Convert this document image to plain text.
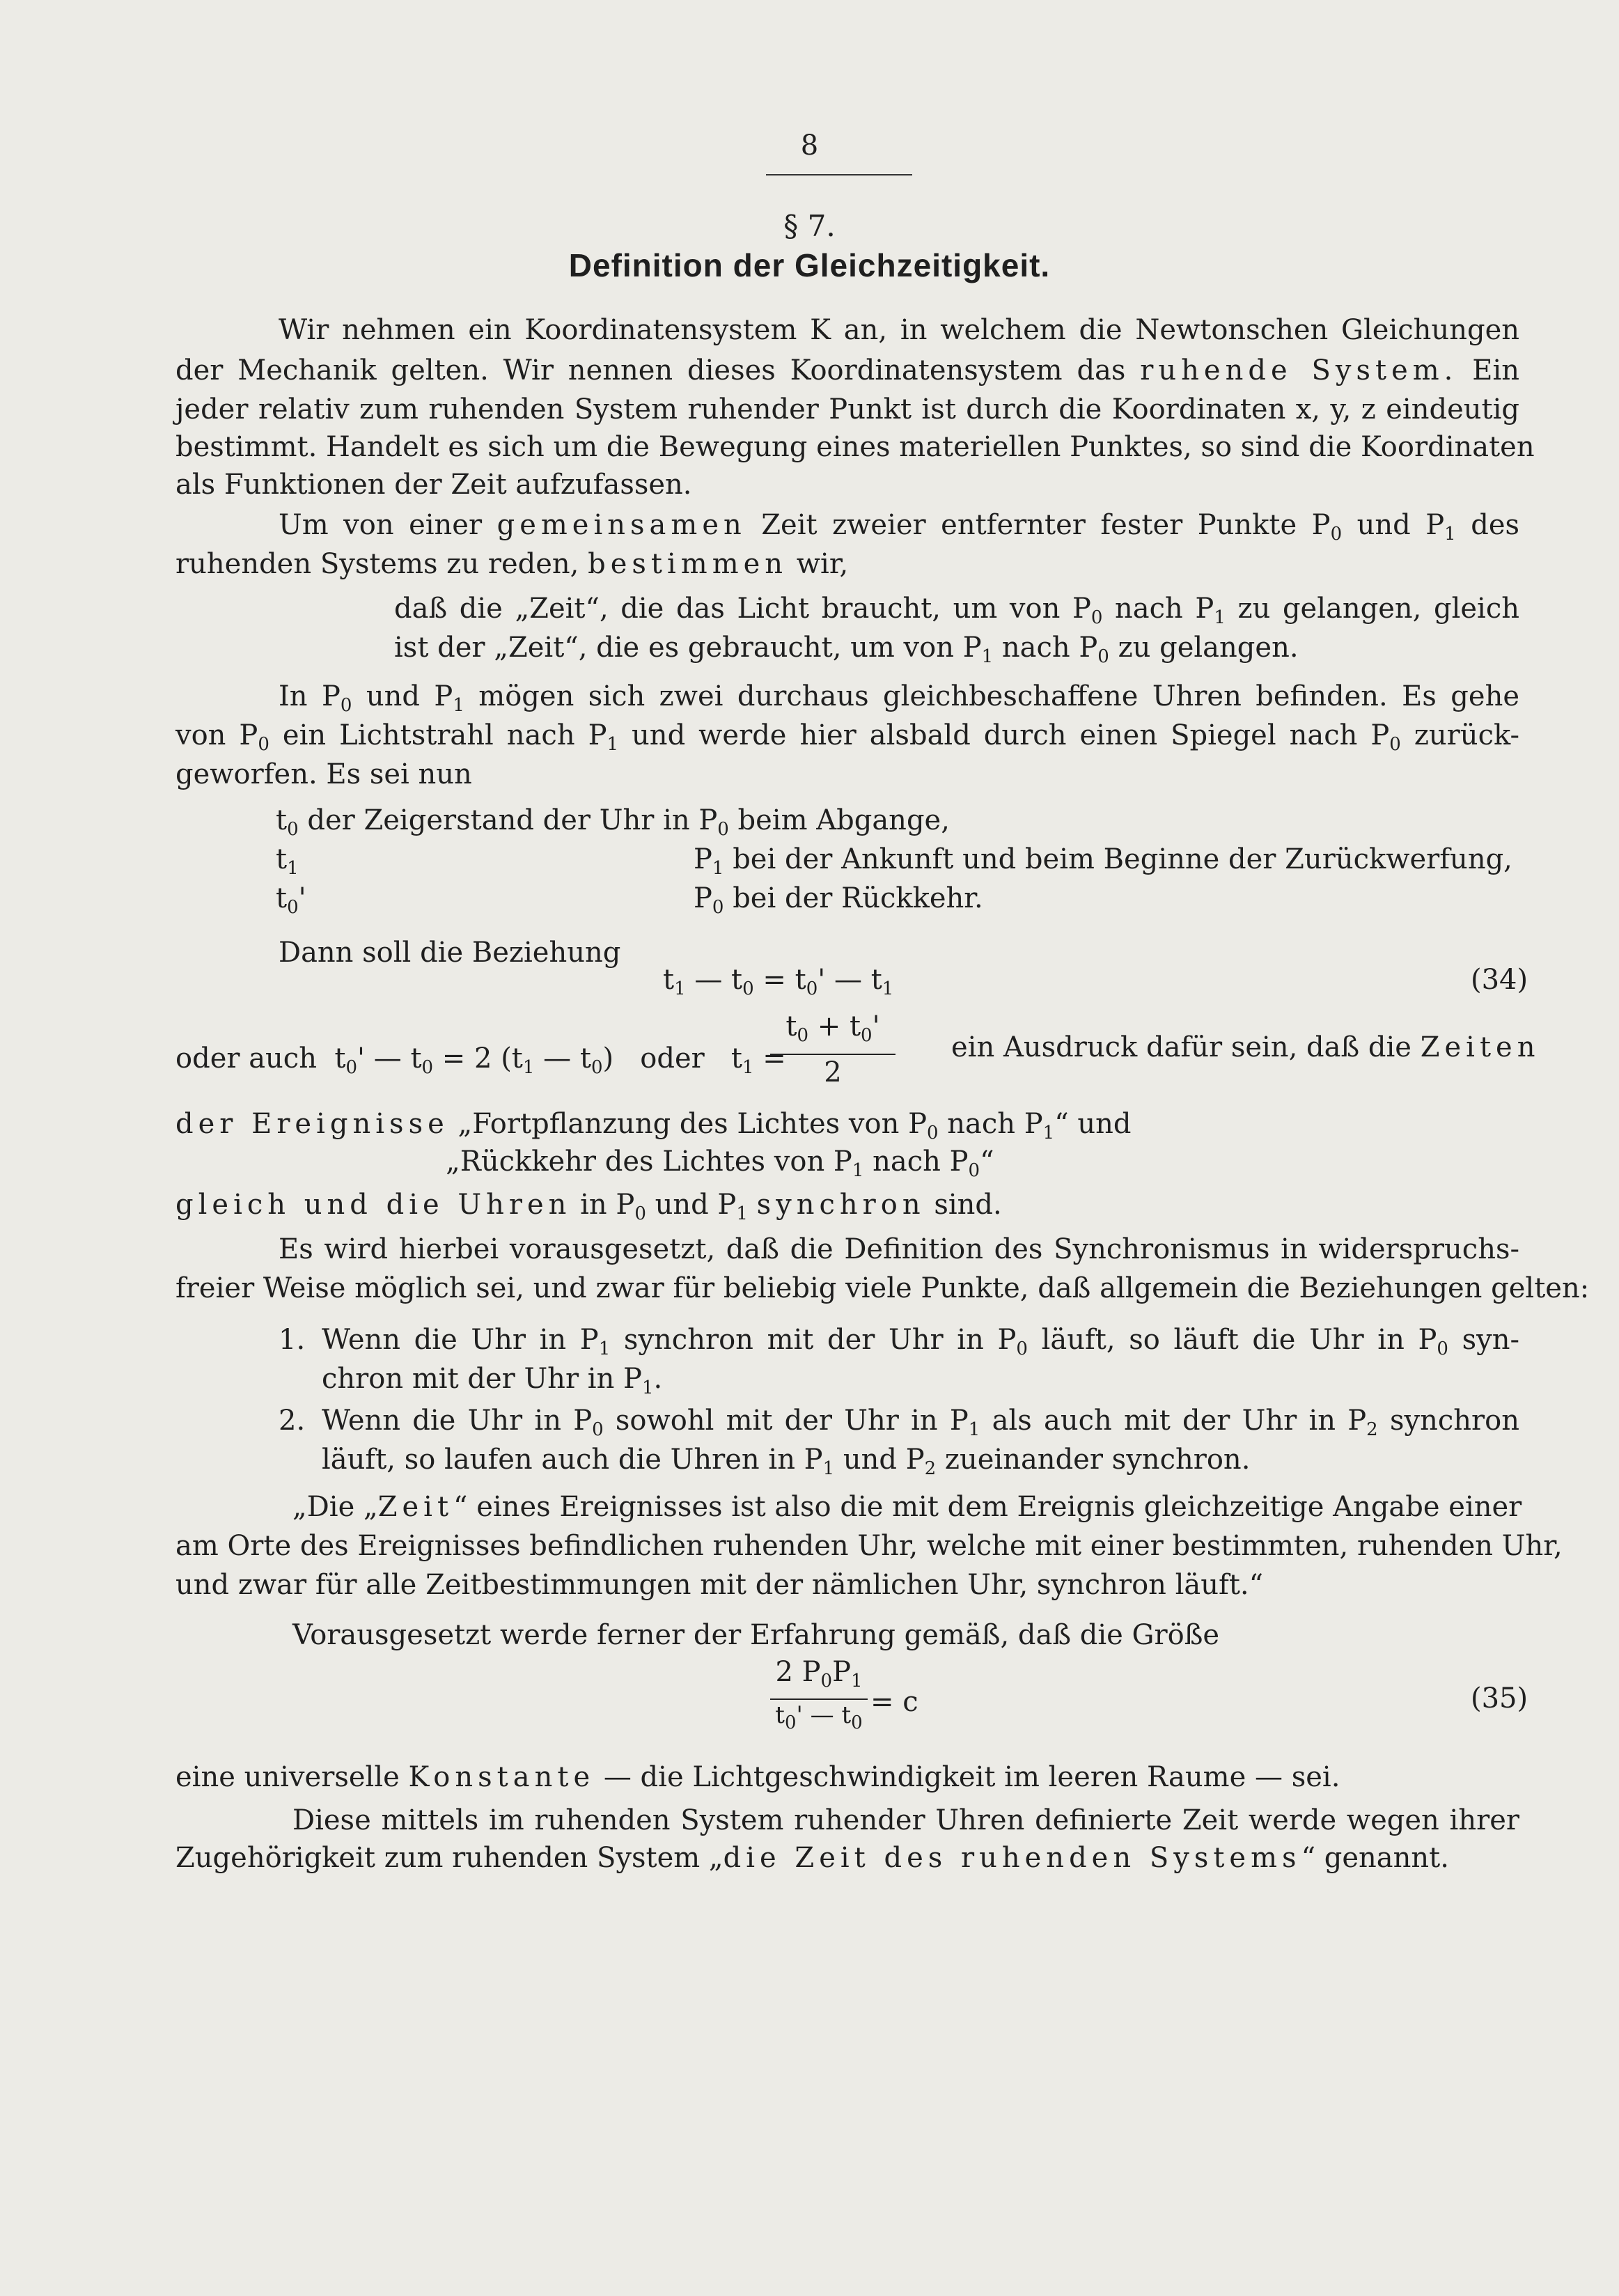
8
§ 7.
Definition der Gleichzeitigkeit.
Wir nehmen ein Koordinatensystem K an, in welchem die Newtonschen Gleichungen
der Mechanik gelten. Wir nennen dieses Koordinatensystem das ruhende System. Ein
jeder relativ zum ruhenden System ruhender Punkt ist durch die Koordinaten x, y, z eindeutig
bestimmt. Handelt es sich um die Bewegung eines materiellen Punktes, so sind die Koordinaten
als Funktionen der Zeit aufzufassen.
Um von einer gemeinsamen Zeit zweier entfernter fester Punkte $P_0$ und $P_1$ des
ruhenden Systems zu reden, bestimmen wir,
daß die „Zeit“, die das Licht braucht, um von $P_0$ nach $P_1$ zu gelangen, gleich
ist der „Zeit“, die es gebraucht, um von $P_1$ nach $P_0$ zu gelangen.
In $P_0$ und $P_1$ mögen sich zwei durchaus gleichbeschaffene Uhren befinden. Es gehe
von $P_0$ ein Lichtstrahl nach $P_1$ und werde hier alsbald durch einen Spiegel nach $P_0$ zurück-
geworfen. Es sei nun
$t_0$ der Zeigerstand der Uhr in $P_0$ beim Abgange,
$t_1$	$P_1$ bei der Ankunft und beim Beginne der Zurückwerfung,
$t_0'$	$P_0$ bei der Rückkehr.
Dann soll die Beziehung
$t_1$ — $t_0 = t_0'$ — $t_1$	(34)
oder auch $t_0'$ — $t_0 = 2$ ($t_1$ — $t_0$) oder $t_1$ =
$t_0 + t_0'$
2
ein Ausdruck dafür sein, daß die Zeiten
der Ereignisse „Fortpflanzung des Lichtes von $P_0$ nach $P_1“$ und
„Rückkehr des Lichtes von $P_1$ nach $P_0“$
gleich und die Uhren in $P_0$ und $P_1$ synchron sind.
Es wird hierbei vorausgesetzt, daß die Definition des Synchronismus in widerspruchs-
freier Weise möglich sei, und zwar für beliebig viele Punkte, daß allgemein die Beziehungen gelten:
1. Wenn die Uhr in $P_1$ synchron mit der Uhr in $P_0$ läuft, so läuft die Uhr in $P_0$ syn-
chron mit der Uhr in $P_1$.
2. Wenn die Uhr in $P_0$ sowohl mit der Uhr in $P_1$ als auch mit der Uhr in $P_2$ synchron
läuft, so laufen auch die Uhren in $P_1$ und $P_2$ zueinander synchron.
„Die „Zeit“ eines Ereignisses ist also die mit dem Ereignis gleichzeitige Angabe einer
am Orte des Ereignisses befindlichen ruhenden Uhr, welche mit einer bestimmten, ruhenden Uhr,
und zwar für alle Zeitbestimmungen mit der nämlichen Uhr, synchron läuft.“
Vorausgesetzt werde ferner der Erfahrung gemäß, daß die Größe
2 $P_0P_1$
$t_0'$ — $t_0$
= c	(35)
eine universelle Konstante — die Lichtgeschwindigkeit im leeren Raume — sei.
Diese mittels im ruhenden System ruhender Uhren definierte Zeit werde wegen ihrer
Zugehörigkeit zum ruhenden System „die Zeit des ruhenden Systems“ genannt.
